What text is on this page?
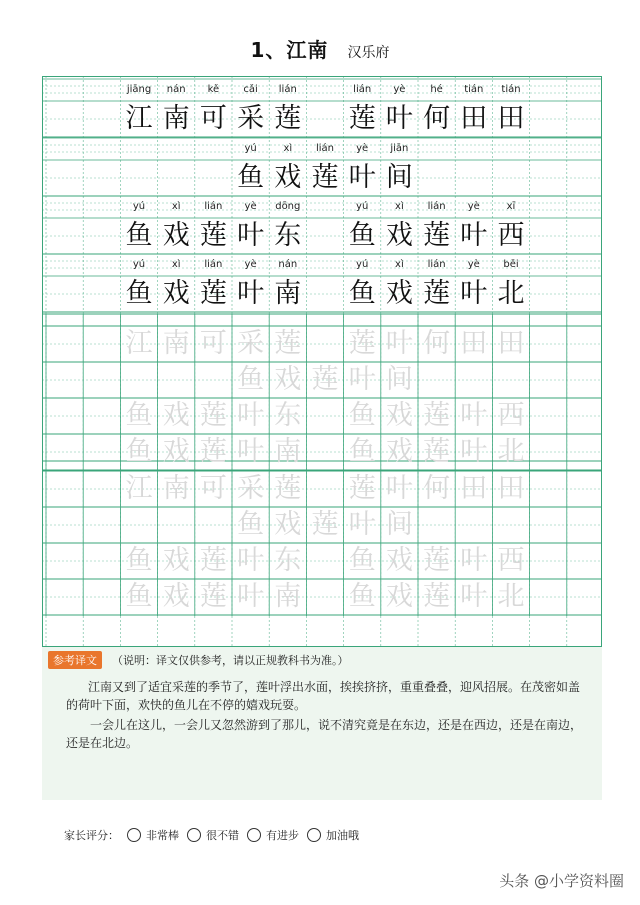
1、江南 汉乐府
jiāng
江
nán
南
kě
可
cǎi
采
lián
莲
lián
莲
yè
叶
hé
何
tián
田
tián
田
yú
鱼
xì
戏
lián
莲
yè
叶
jiān
间
yú
鱼
xì
戏
lián
莲
yè
叶
dōng
东
yú
鱼
xì
戏
lián
莲
yè
叶
xī
西
yú
鱼
xì
戏
lián
莲
yè
叶
nán
南
yú
鱼
xì
戏
lián
莲
yè
叶
běi
北
江 南 可 采 莲 莲 叶 何 田 田
鱼 戏 莲 叶 间
鱼 戏 莲 叶 东 鱼 戏 莲 叶 西
鱼 戏 莲 叶 南 鱼 戏 莲 叶 北
江 南 可 采 莲 莲 叶 何 田 田
鱼 戏 莲 叶 间
鱼 戏 莲 叶 东 鱼 戏 莲 叶 西
鱼 戏 莲 叶 南 鱼 戏 莲 叶 北
参考译文	（说明：译文仅供参考，请以正规教科书为准。）

江南又到了适宜采莲的季节了，莲叶浮出水面，挨挨挤挤，重重叠叠，迎风招展。在茂密如盖的荷叶下面，欢快的鱼儿在不停的嬉戏玩耍。

一会儿在这儿，一会儿又忽然游到了那儿，说不清究竟是在东边，还是在西边，还是在南边，还是在北边。

家长评分： 非常棒 很不错 有进步 加油哦
头条 @小学资料圈
